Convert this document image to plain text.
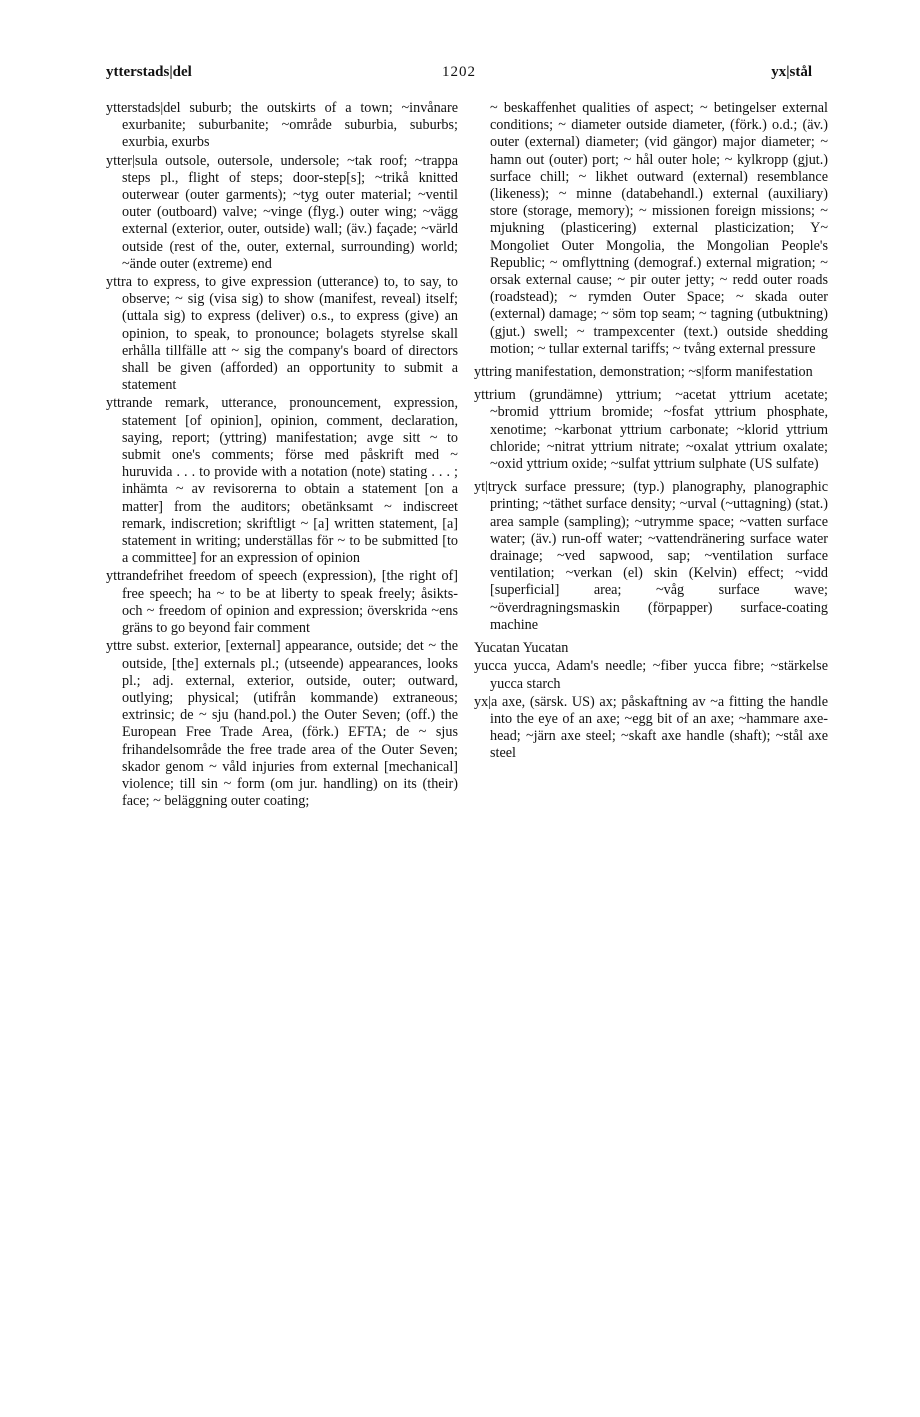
ytterstads|del	1202	yx|stål

ytterstads|del suburb; the outskirts of a town; ~invånare exurbanite; suburbanite; ~område suburbia, suburbs; exurbia, exurbs

ytter|sula outsole, outersole, undersole; ~tak roof; ~trappa steps pl., flight of steps; door-step[s]; ~trikå knitted outerwear (outer garments); ~tyg outer material; ~ventil outer (outboard) valve; ~vinge (flyg.) outer wing; ~vägg external (exterior, outer, outside) wall; (äv.) façade; ~värld outside (rest of the, outer, external, surrounding) world; ~ände outer (extreme) end

yttra to express, to give expression (utterance) to, to say, to observe; ~ sig (visa sig) to show (manifest, reveal) itself; (uttala sig) to express (deliver) o.s., to express (give) an opinion, to speak, to pronounce; bolagets styrelse skall erhålla tillfälle att ~ sig the company's board of directors shall be given (afforded) an opportunity to submit a statement

yttrande remark, utterance, pronouncement, expression, statement [of opinion], opinion, comment, declaration, saying, report; (yttring) manifestation; avge sitt ~ to submit one's comments; förse med påskrift med ~ huruvida . . . to provide with a notation (note) stating . . . ; inhämta ~ av revisorerna to obtain a statement [on a matter] from the auditors; obetänksamt ~ indiscreet remark, indiscretion; skriftligt ~ [a] written statement, [a] statement in writing; underställas för ~ to be submitted [to a committee] for an expression of opinion

yttrandefrihet freedom of speech (expression), [the right of] free speech; ha ~ to be at liberty to speak freely; åsikts- och ~ freedom of opinion and expression; överskrida ~ens gräns to go beyond fair comment

yttre subst. exterior, [external] appearance, outside; det ~ the outside, [the] externals pl.; (utseende) appearances, looks pl.; adj. external, exterior, outside, outer; outward, outlying; physical; (utifrån kommande) extraneous; extrinsic; de ~ sju (hand.pol.) the Outer Seven; (off.) the European Free Trade Area, (förk.) EFTA; de ~ sjus frihandelsområde the free trade area of the Outer Seven; skador genom ~ våld injuries from external [mechanical] violence; till sin ~ form (om jur. handling) on its (their) face; ~ beläggning outer coating;

~ beskaffenhet qualities of aspect; ~ betingelser external conditions; ~ diameter outside diameter, (förk.) o.d.; (äv.) outer (external) diameter; (vid gängor) major diameter; ~ hamn out (outer) port; ~ hål outer hole; ~ kylkropp (gjut.) surface chill; ~ likhet outward (external) resemblance (likeness); ~ minne (databehandl.) external (auxiliary) store (storage, memory); ~ missionen foreign missions; ~ mjukning (plasticering) external plasticization; Y~ Mongoliet Outer Mongolia, the Mongolian People's Republic; ~ omflyttning (demograf.) external migration; ~ orsak external cause; ~ pir outer jetty; ~ redd outer roads (roadstead); ~ rymden Outer Space; ~ skada outer (external) damage; ~ söm top seam; ~ tagning (utbuktning) (gjut.) swell; ~ trampexcenter (text.) outside shedding motion; ~ tullar external tariffs; ~ tvång external pressure

yttring manifestation, demonstration; ~s|form manifestation

yttrium (grundämne) yttrium; ~acetat yttrium acetate; ~bromid yttrium bromide; ~fosfat yttrium phosphate, xenotime; ~karbonat yttrium carbonate; ~klorid yttrium chloride; ~nitrat yttrium nitrate; ~oxalat yttrium oxalate; ~oxid yttrium oxide; ~sulfat yttrium sulphate (US sulfate)

yt|tryck surface pressure; (typ.) planography, planographic printing; ~täthet surface density; ~urval (~uttagning) (stat.) area sample (sampling); ~utrymme space; ~vatten surface water; (äv.) run-off water; ~vattendränering surface water drainage; ~ved sapwood, sap; ~ventilation surface ventilation; ~verkan (el) skin (Kelvin) effect; ~vidd [superficial] area; ~våg surface wave; ~överdragningsmaskin (förpapper) surface-coating machine

Yucatan Yucatan

yucca yucca, Adam's needle; ~fiber yucca fibre; ~stärkelse yucca starch

yx|a axe, (särsk. US) ax; påskaftning av ~a fitting the handle into the eye of an axe; ~egg bit of an axe; ~hammare axe-head; ~järn axe steel; ~skaft axe handle (shaft); ~stål axe steel
